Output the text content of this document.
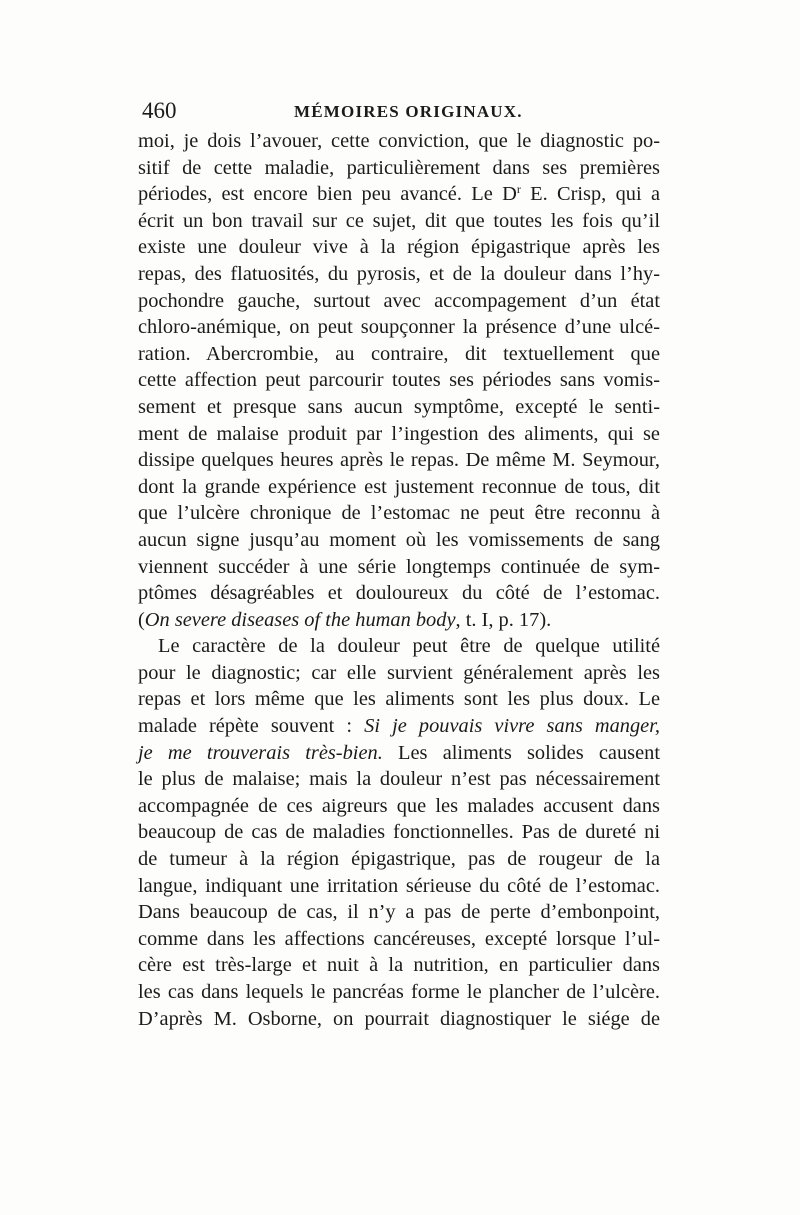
460	MÉMOIRES ORIGINAUX.
moi, je dois l’avouer, cette conviction, que le diagnostic po-
sitif de cette maladie, particulièrement dans ses premières
périodes, est encore bien peu avancé. Le $D^r$ E. Crisp, qui a
écrit un bon travail sur ce sujet, dit que toutes les fois qu’il
existe une douleur vive à la région épigastrique après les
repas, des flatuosités, du pyrosis, et de la douleur dans l’hy-
pochondre gauche, surtout avec accompagement d’un état
chloro-anémique, on peut soupçonner la présence d’une ulcé-
ration. Abercrombie, au contraire, dit textuellement que
cette affection peut parcourir toutes ses périodes sans vomis-
sement et presque sans aucun symptôme, excepté le senti-
ment de malaise produit par l’ingestion des aliments, qui se
dissipe quelques heures après le repas. De même M. Seymour,
dont la grande expérience est justement reconnue de tous, dit
que l’ulcère chronique de l’estomac ne peut être reconnu à
aucun signe jusqu’au moment où les vomissements de sang
viennent succéder à une série longtemps continuée de sym-
ptômes désagréables et douloureux du côté de l’estomac.
(On severe diseases of the human body, t. I, p. 17).
Le caractère de la douleur peut être de quelque utilité
pour le diagnostic; car elle survient généralement après les
repas et lors même que les aliments sont les plus doux. Le
malade répète souvent : Si je pouvais vivre sans manger,
je me trouverais très-bien. Les aliments solides causent
le plus de malaise; mais la douleur n’est pas nécessairement
accompagnée de ces aigreurs que les malades accusent dans
beaucoup de cas de maladies fonctionnelles. Pas de dureté ni
de tumeur à la région épigastrique, pas de rougeur de la
langue, indiquant une irritation sérieuse du côté de l’estomac.
Dans beaucoup de cas, il n’y a pas de perte d’embonpoint,
comme dans les affections cancéreuses, excepté lorsque l’ul-
cère est très-large et nuit à la nutrition, en particulier dans
les cas dans lequels le pancréas forme le plancher de l’ulcère.
D’après M. Osborne, on pourrait diagnostiquer le siége de
